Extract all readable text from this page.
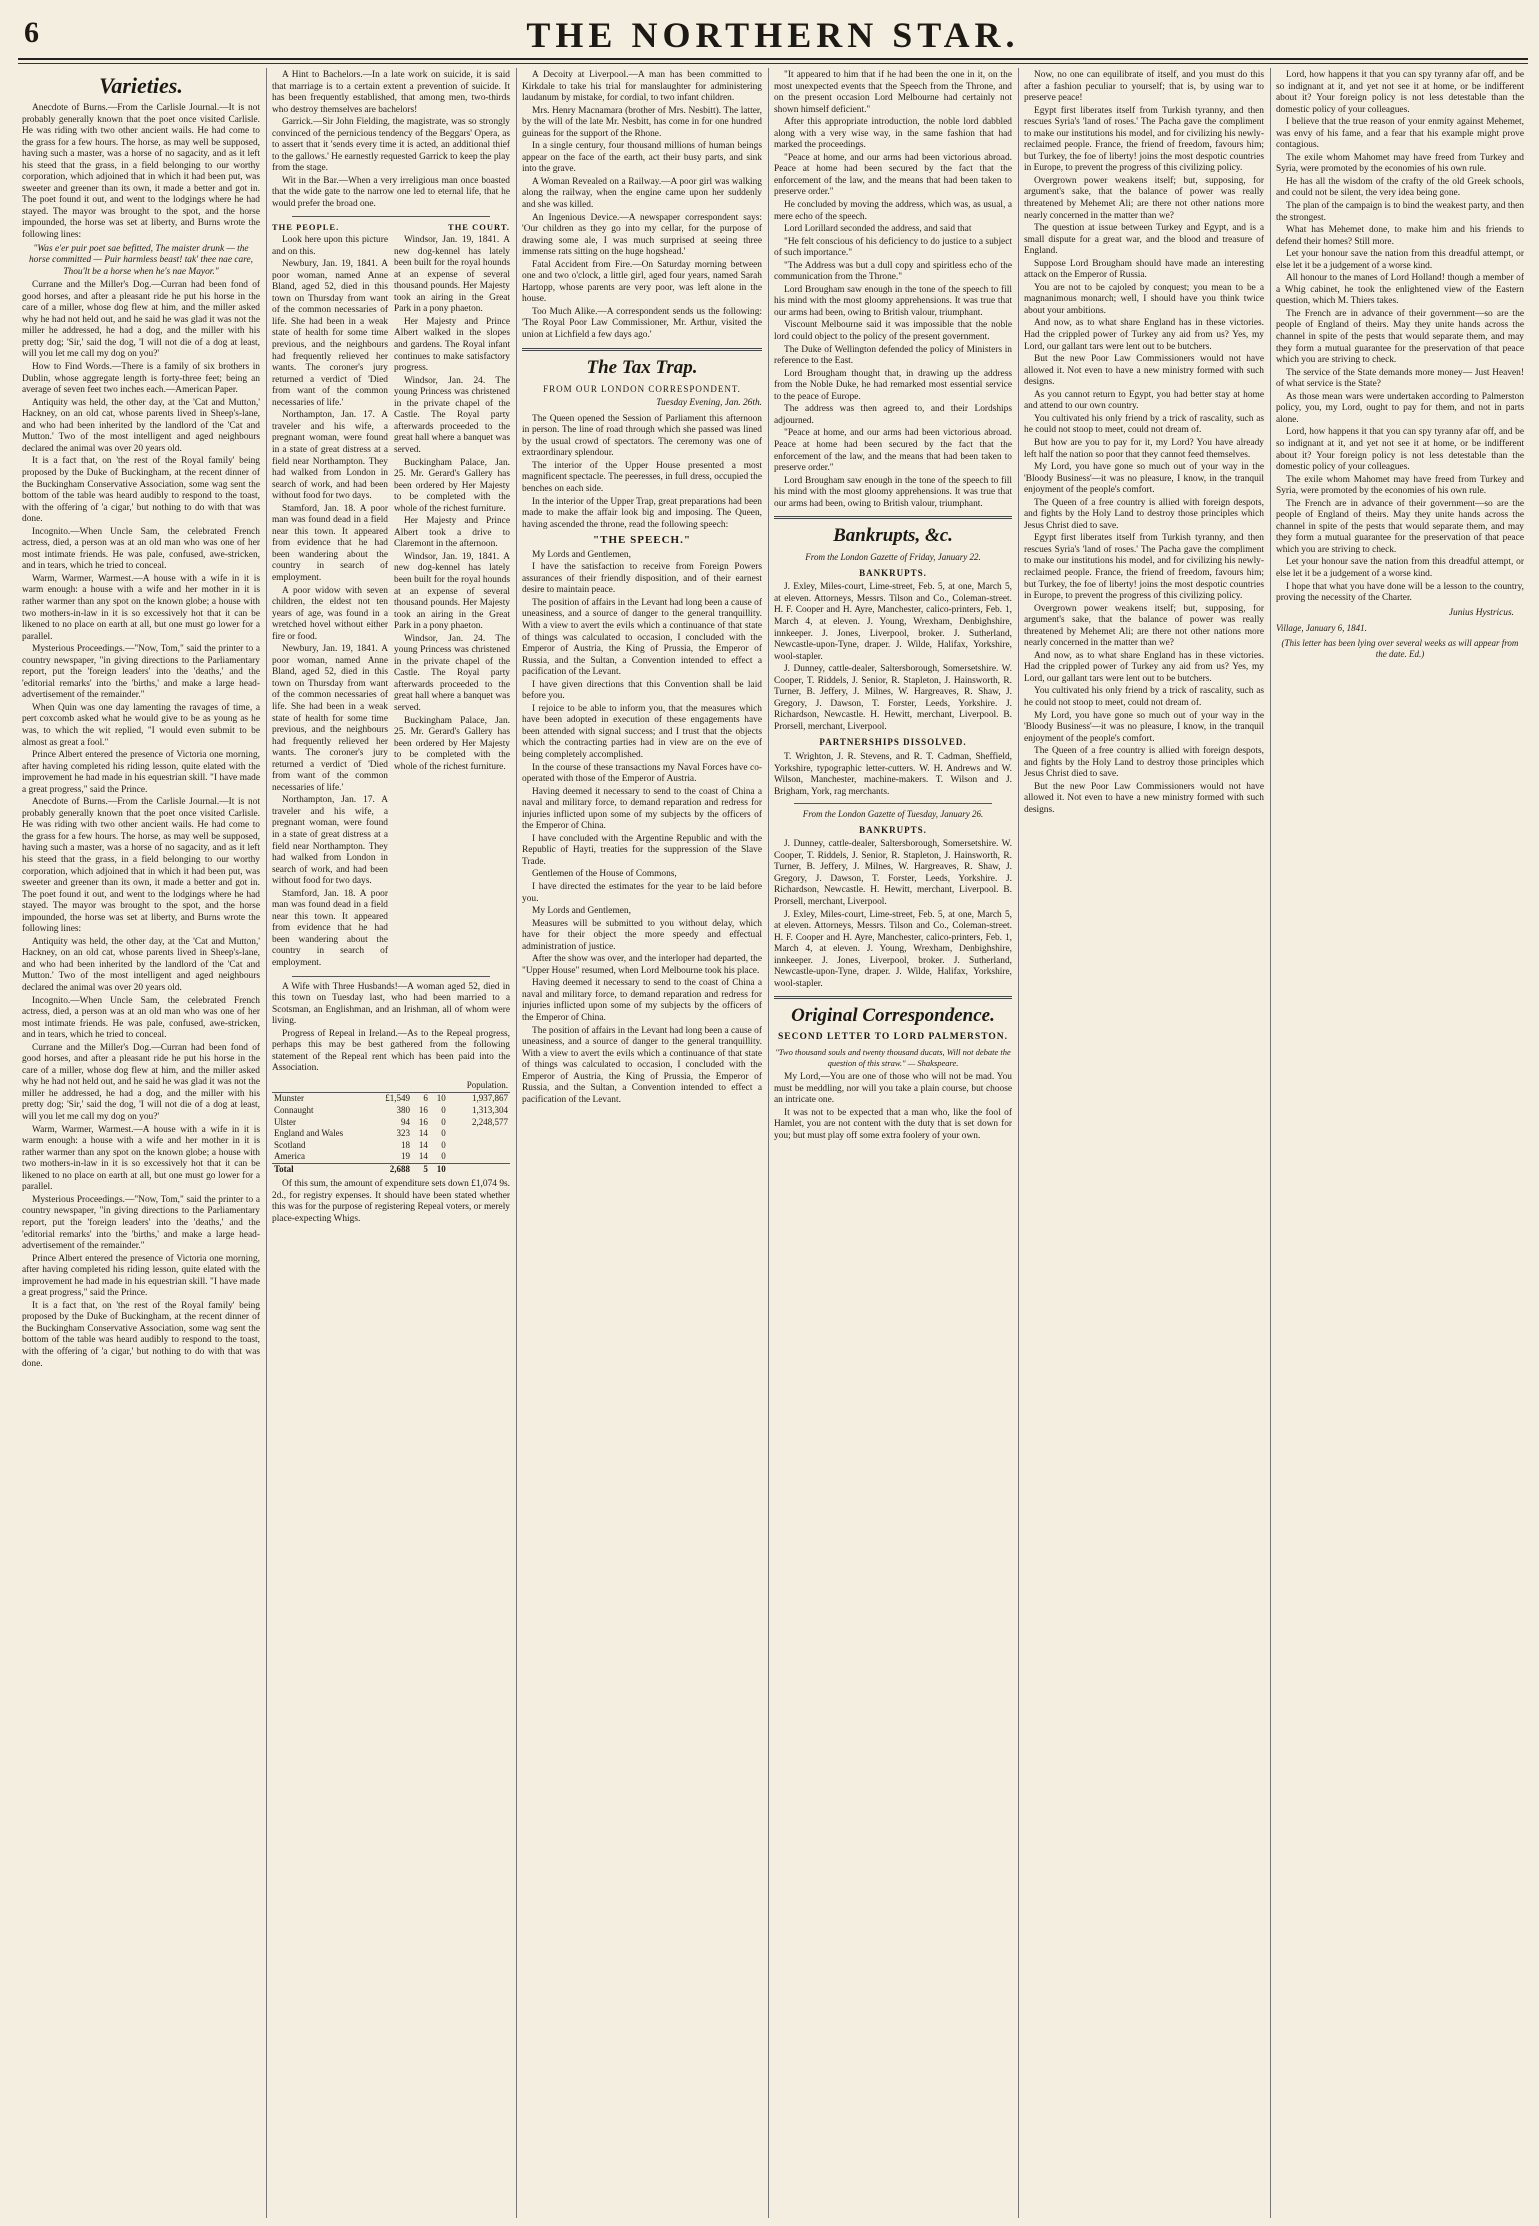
6	THE NORTHERN STAR.
Varieties.

Anecdote of Burns.—From the Carlisle Journal.—It is not probably generally known that the poet once visited Carlisle. He was riding with two other ancient wails. He had come to the grass for a few hours. The horse, as may well be supposed, having such a master, was a horse of no sagacity, and as it left his steed that the grass, in a field belonging to our worthy corporation, which adjoined that in which it had been put, was sweeter and greener than its own, it made a better and got in. The poet found it out, and went to the lodgings where he had stayed. The mayor was brought to the spot, and the horse impounded, the horse was set at liberty, and Burns wrote the following lines:

"Was e'er puir poet sae befitted, The maister drunk — the horse committed — Puir harmless beast! tak' thee nae care, Thou'lt be a horse when he's nae Mayor."

Currane and the Miller's Dog.—Curran had been fond of good horses, and after a pleasant ride he put his horse in the care of a miller, whose dog flew at him, and the miller asked why he had not held out, and he said he was glad it was not the miller he addressed, he had a dog, and the miller with his pretty dog; 'Sir,' said the dog, 'I will not die of a dog at least, will you let me call my dog on you?'

How to Find Words.—There is a family of six brothers in Dublin, whose aggregate length is forty-three feet; being an average of seven feet two inches each.—American Paper.

Antiquity was held, the other day, at the 'Cat and Mutton,' Hackney, on an old cat, whose parents lived in Sheep's-lane, and who had been inherited by the landlord of the 'Cat and Mutton.' Two of the most intelligent and aged neighbours declared the animal was over 20 years old.

It is a fact that, on 'the rest of the Royal family' being proposed by the Duke of Buckingham, at the recent dinner of the Buckingham Conservative Association, some wag sent the bottom of the table was heard audibly to respond to the toast, with the offering of 'a cigar,' but nothing to do with that was done.

Incognito.—When Uncle Sam, the celebrated French actress, died, a person was at an old man who was one of her most intimate friends. He was pale, confused, awe-stricken, and in tears, which he tried to conceal.

Warm, Warmer, Warmest.—A house with a wife in it is warm enough: a house with a wife and her mother in it is rather warmer than any spot on the known globe; a house with two mothers-in-law in it is so excessively hot that it can be likened to no place on earth at all, but one must go lower for a parallel.

Mysterious Proceedings.—"Now, Tom," said the printer to a country newspaper, "in giving directions to the Parliamentary report, put the 'foreign leaders' into the 'deaths,' and the 'editorial remarks' into the 'births,' and make a large head-advertisement of the remainder."

When Quin was one day lamenting the ravages of time, a pert coxcomb asked what he would give to be as young as he was, to which the wit replied, "I would even submit to be almost as great a fool."

Prince Albert entered the presence of Victoria one morning, after having completed his riding lesson, quite elated with the improvement he had made in his equestrian skill. "I have made a great progress," said the Prince.

Anecdote of Burns.—From the Carlisle Journal.—It is not probably generally known that the poet once visited Carlisle. He was riding with two other ancient wails. He had come to the grass for a few hours. The horse, as may well be supposed, having such a master, was a horse of no sagacity, and as it left his steed that the grass, in a field belonging to our worthy corporation, which adjoined that in which it had been put, was sweeter and greener than its own, it made a better and got in. The poet found it out, and went to the lodgings where he had stayed. The mayor was brought to the spot, and the horse impounded, the horse was set at liberty, and Burns wrote the following lines:

Antiquity was held, the other day, at the 'Cat and Mutton,' Hackney, on an old cat, whose parents lived in Sheep's-lane, and who had been inherited by the landlord of the 'Cat and Mutton.' Two of the most intelligent and aged neighbours declared the animal was over 20 years old.

Incognito.—When Uncle Sam, the celebrated French actress, died, a person was at an old man who was one of her most intimate friends. He was pale, confused, awe-stricken, and in tears, which he tried to conceal.

Currane and the Miller's Dog.—Curran had been fond of good horses, and after a pleasant ride he put his horse in the care of a miller, whose dog flew at him, and the miller asked why he had not held out, and he said he was glad it was not the miller he addressed, he had a dog, and the miller with his pretty dog; 'Sir,' said the dog, 'I will not die of a dog at least, will you let me call my dog on you?'

Warm, Warmer, Warmest.—A house with a wife in it is warm enough: a house with a wife and her mother in it is rather warmer than any spot on the known globe; a house with two mothers-in-law in it is so excessively hot that it can be likened to no place on earth at all, but one must go lower for a parallel.

Mysterious Proceedings.—"Now, Tom," said the printer to a country newspaper, "in giving directions to the Parliamentary report, put the 'foreign leaders' into the 'deaths,' and the 'editorial remarks' into the 'births,' and make a large head-advertisement of the remainder."

Prince Albert entered the presence of Victoria one morning, after having completed his riding lesson, quite elated with the improvement he had made in his equestrian skill. "I have made a great progress," said the Prince.

It is a fact that, on 'the rest of the Royal family' being proposed by the Duke of Buckingham, at the recent dinner of the Buckingham Conservative Association, some wag sent the bottom of the table was heard audibly to respond to the toast, with the offering of 'a cigar,' but nothing to do with that was done.

A Hint to Bachelors.—In a late work on suicide, it is said that marriage is to a certain extent a prevention of suicide. It has been frequently established, that among men, two-thirds who destroy themselves are bachelors!

Garrick.—Sir John Fielding, the magistrate, was so strongly convinced of the pernicious tendency of the Beggars' Opera, as to assert that it 'sends every time it is acted, an additional thief to the gallows.' He earnestly requested Garrick to keep the play from the stage.

Wit in the Bar.—When a very irreligious man once boasted that the wide gate to the narrow one led to eternal life, that he would prefer the broad one.

THE PEOPLE.	THE COURT.

Look here upon this picture and on this.

Newbury, Jan. 19, 1841. A poor woman, named Anne Bland, aged 52, died in this town on Thursday from want of the common necessaries of life. She had been in a weak state of health for some time previous, and the neighbours had frequently relieved her wants. The coroner's jury returned a verdict of 'Died from want of the common necessaries of life.'

Northampton, Jan. 17. A traveler and his wife, a pregnant woman, were found in a state of great distress at a field near Northampton. They had walked from London in search of work, and had been without food for two days.

Stamford, Jan. 18. A poor man was found dead in a field near this town. It appeared from evidence that he had been wandering about the country in search of employment.

A poor widow with seven children, the eldest not ten years of age, was found in a wretched hovel without either fire or food.

Newbury, Jan. 19, 1841. A poor woman, named Anne Bland, aged 52, died in this town on Thursday from want of the common necessaries of life. She had been in a weak state of health for some time previous, and the neighbours had frequently relieved her wants. The coroner's jury returned a verdict of 'Died from want of the common necessaries of life.'

Northampton, Jan. 17. A traveler and his wife, a pregnant woman, were found in a state of great distress at a field near Northampton. They had walked from London in search of work, and had been without food for two days.

Stamford, Jan. 18. A poor man was found dead in a field near this town. It appeared from evidence that he had been wandering about the country in search of employment.

Windsor, Jan. 19, 1841. A new dog-kennel has lately been built for the royal hounds at an expense of several thousand pounds. Her Majesty took an airing in the Great Park in a pony phaeton.

Her Majesty and Prince Albert walked in the slopes and gardens. The Royal infant continues to make satisfactory progress.

Windsor, Jan. 24. The young Princess was christened in the private chapel of the Castle. The Royal party afterwards proceeded to the great hall where a banquet was served.

Buckingham Palace, Jan. 25. Mr. Gerard's Gallery has been ordered by Her Majesty to be completed with the whole of the richest furniture.

Her Majesty and Prince Albert took a drive to Claremont in the afternoon.

Windsor, Jan. 19, 1841. A new dog-kennel has lately been built for the royal hounds at an expense of several thousand pounds. Her Majesty took an airing in the Great Park in a pony phaeton.

Windsor, Jan. 24. The young Princess was christened in the private chapel of the Castle. The Royal party afterwards proceeded to the great hall where a banquet was served.

Buckingham Palace, Jan. 25. Mr. Gerard's Gallery has been ordered by Her Majesty to be completed with the whole of the richest furniture.

A Wife with Three Husbands!—A woman aged 52, died in this town on Tuesday last, who had been married to a Scotsman, an Englishman, and an Irishman, all of whom were living.

Progress of Repeal in Ireland.—As to the Repeal progress, perhaps this may be best gathered from the following statement of the Repeal rent which has been paid into the Association.

				Population.
Munster	£1,549	6	10	1,937,867
Connaught	380	16	0	1,313,304
Ulster	94	16	0	2,248,577
England and Wales	323	14	0	
Scotland	18	14	0	
America	19	14	0	
Total	2,688	5	10	

Of this sum, the amount of expenditure sets down £1,074 9s. 2d., for registry expenses. It should have been stated whether this was for the purpose of registering Repeal voters, or merely place-expecting Whigs.

A Decoity at Liverpool.—A man has been committed to Kirkdale to take his trial for manslaughter for administering laudanum by mistake, for cordial, to two infant children.

Mrs. Henry Macnamara (brother of Mrs. Nesbitt). The latter, by the will of the late Mr. Nesbitt, has come in for one hundred guineas for the support of the Rhone.

In a single century, four thousand millions of human beings appear on the face of the earth, act their busy parts, and sink into the grave.

A Woman Revealed on a Railway.—A poor girl was walking along the railway, when the engine came upon her suddenly and she was killed.

An Ingenious Device.—A newspaper correspondent says: 'Our children as they go into my cellar, for the purpose of drawing some ale, I was much surprised at seeing three immense rats sitting on the huge hogshead.'

Fatal Accident from Fire.—On Saturday morning between one and two o'clock, a little girl, aged four years, named Sarah Hartopp, whose parents are very poor, was left alone in the house.

Too Much Alike.—A correspondent sends us the following: 'The Royal Poor Law Commissioner, Mr. Arthur, visited the union at Lichfield a few days ago.'

The Tax Trap.
FROM OUR LONDON CORRESPONDENT.
Tuesday Evening, Jan. 26th.

The Queen opened the Session of Parliament this afternoon in person. The line of road through which she passed was lined by the usual crowd of spectators. The ceremony was one of extraordinary splendour.

The interior of the Upper House presented a most magnificent spectacle. The peeresses, in full dress, occupied the benches on each side.

In the interior of the Upper Trap, great preparations had been made to make the affair look big and imposing. The Queen, having ascended the throne, read the following speech:

"THE SPEECH."

My Lords and Gentlemen,

I have the satisfaction to receive from Foreign Powers assurances of their friendly disposition, and of their earnest desire to maintain peace.

The position of affairs in the Levant had long been a cause of uneasiness, and a source of danger to the general tranquillity. With a view to avert the evils which a continuance of that state of things was calculated to occasion, I concluded with the Emperor of Austria, the King of Prussia, the Emperor of Russia, and the Sultan, a Convention intended to effect a pacification of the Levant.

I have given directions that this Convention shall be laid before you.

I rejoice to be able to inform you, that the measures which have been adopted in execution of these engagements have been attended with signal success; and I trust that the objects which the contracting parties had in view are on the eve of being completely accomplished.

In the course of these transactions my Naval Forces have co-operated with those of the Emperor of Austria.

Having deemed it necessary to send to the coast of China a naval and military force, to demand reparation and redress for injuries inflicted upon some of my subjects by the officers of the Emperor of China.

I have concluded with the Argentine Republic and with the Republic of Hayti, treaties for the suppression of the Slave Trade.

Gentlemen of the House of Commons,

I have directed the estimates for the year to be laid before you.

My Lords and Gentlemen,

Measures will be submitted to you without delay, which have for their object the more speedy and effectual administration of justice.

After the show was over, and the interloper had departed, the "Upper House" resumed, when Lord Melbourne took his place.

Having deemed it necessary to send to the coast of China a naval and military force, to demand reparation and redress for injuries inflicted upon some of my subjects by the officers of the Emperor of China.

The position of affairs in the Levant had long been a cause of uneasiness, and a source of danger to the general tranquillity. With a view to avert the evils which a continuance of that state of things was calculated to occasion, I concluded with the Emperor of Austria, the King of Prussia, the Emperor of Russia, and the Sultan, a Convention intended to effect a pacification of the Levant.

"It appeared to him that if he had been the one in it, on the most unexpected events that the Speech from the Throne, and on the present occasion Lord Melbourne had certainly not shown himself deficient."

After this appropriate introduction, the noble lord dabbled along with a very wise way, in the same fashion that had marked the proceedings.

"Peace at home, and our arms had been victorious abroad. Peace at home had been secured by the fact that the enforcement of the law, and the means that had been taken to preserve order."

He concluded by moving the address, which was, as usual, a mere echo of the speech.

Lord Lorillard seconded the address, and said that

"He felt conscious of his deficiency to do justice to a subject of such importance."

"The Address was but a dull copy and spiritless echo of the communication from the Throne."

Lord Brougham saw enough in the tone of the speech to fill his mind with the most gloomy apprehensions. It was true that our arms had been, owing to British valour, triumphant.

Viscount Melbourne said it was impossible that the noble lord could object to the policy of the present government.

The Duke of Wellington defended the policy of Ministers in reference to the East.

Lord Brougham thought that, in drawing up the address from the Noble Duke, he had remarked most essential service to the peace of Europe.

The address was then agreed to, and their Lordships adjourned.

"Peace at home, and our arms had been victorious abroad. Peace at home had been secured by the fact that the enforcement of the law, and the means that had been taken to preserve order."

Lord Brougham saw enough in the tone of the speech to fill his mind with the most gloomy apprehensions. It was true that our arms had been, owing to British valour, triumphant.

Bankrupts, &c.
From the London Gazette of Friday, January 22.
BANKRUPTS.

J. Exley, Miles-court, Lime-street, Feb. 5, at one, March 5, at eleven. Attorneys, Messrs. Tilson and Co., Coleman-street. H. F. Cooper and H. Ayre, Manchester, calico-printers, Feb. 1, March 4, at eleven. J. Young, Wrexham, Denbighshire, innkeeper. J. Jones, Liverpool, broker. J. Sutherland, Newcastle-upon-Tyne, draper. J. Wilde, Halifax, Yorkshire, wool-stapler.

J. Dunney, cattle-dealer, Saltersborough, Somersetshire. W. Cooper, T. Riddels, J. Senior, R. Stapleton, J. Hainsworth, R. Turner, B. Jeffery, J. Milnes, W. Hargreaves, R. Shaw, J. Gregory, J. Dawson, T. Forster, Leeds, Yorkshire. J. Richardson, Newcastle. H. Hewitt, merchant, Liverpool. B. Prorsell, merchant, Liverpool.

PARTNERSHIPS DISSOLVED.

T. Wrighton, J. R. Stevens, and R. T. Cadman, Sheffield, Yorkshire, typographic letter-cutters. W. H. Andrews and W. Wilson, Manchester, machine-makers. T. Wilson and J. Brigham, York, rag merchants.

From the London Gazette of Tuesday, January 26.
BANKRUPTS.

J. Dunney, cattle-dealer, Saltersborough, Somersetshire. W. Cooper, T. Riddels, J. Senior, R. Stapleton, J. Hainsworth, R. Turner, B. Jeffery, J. Milnes, W. Hargreaves, R. Shaw, J. Gregory, J. Dawson, T. Forster, Leeds, Yorkshire. J. Richardson, Newcastle. H. Hewitt, merchant, Liverpool. B. Prorsell, merchant, Liverpool.

J. Exley, Miles-court, Lime-street, Feb. 5, at one, March 5, at eleven. Attorneys, Messrs. Tilson and Co., Coleman-street. H. F. Cooper and H. Ayre, Manchester, calico-printers, Feb. 1, March 4, at eleven. J. Young, Wrexham, Denbighshire, innkeeper. J. Jones, Liverpool, broker. J. Sutherland, Newcastle-upon-Tyne, draper. J. Wilde, Halifax, Yorkshire, wool-stapler.

Original Correspondence.
SECOND LETTER TO LORD PALMERSTON.
"Two thousand souls and twenty thousand ducats, Will not debate the question of this straw." — Shakspeare.

My Lord,—You are one of those who will not be mad. You must be meddling, nor will you take a plain course, but choose an intricate one.

It was not to be expected that a man who, like the fool of Hamlet, you are not content with the duty that is set down for you; but must play off some extra foolery of your own.

Now, no one can equilibrate of itself, and you must do this after a fashion peculiar to yourself; that is, by using war to preserve peace!

Egypt first liberates itself from Turkish tyranny, and then rescues Syria's 'land of roses.' The Pacha gave the compliment to make our institutions his model, and for civilizing his newly-reclaimed people. France, the friend of freedom, favours him; but Turkey, the foe of liberty! joins the most despotic countries in Europe, to prevent the progress of this civilizing policy.

Overgrown power weakens itself; but, supposing, for argument's sake, that the balance of power was really threatened by Mehemet Ali; are there not other nations more nearly concerned in the matter than we?

The question at issue between Turkey and Egypt, and is a small dispute for a great war, and the blood and treasure of England.

Suppose Lord Brougham should have made an interesting attack on the Emperor of Russia.

You are not to be cajoled by conquest; you mean to be a magnanimous monarch; well, I should have you think twice about your ambitions.

And now, as to what share England has in these victories. Had the crippled power of Turkey any aid from us? Yes, my Lord, our gallant tars were lent out to be butchers.

But the new Poor Law Commissioners would not have allowed it. Not even to have a new ministry formed with such designs.

As you cannot return to Egypt, you had better stay at home and attend to our own country.

You cultivated his only friend by a trick of rascality, such as he could not stoop to meet, could not dream of.

But how are you to pay for it, my Lord? You have already left half the nation so poor that they cannot feed themselves.

My Lord, you have gone so much out of your way in the 'Bloody Business'—it was no pleasure, I know, in the tranquil enjoyment of the people's comfort.

The Queen of a free country is allied with foreign despots, and fights by the Holy Land to destroy those principles which Jesus Christ died to save.

Egypt first liberates itself from Turkish tyranny, and then rescues Syria's 'land of roses.' The Pacha gave the compliment to make our institutions his model, and for civilizing his newly-reclaimed people. France, the friend of freedom, favours him; but Turkey, the foe of liberty! joins the most despotic countries in Europe, to prevent the progress of this civilizing policy.

Overgrown power weakens itself; but, supposing, for argument's sake, that the balance of power was really threatened by Mehemet Ali; are there not other nations more nearly concerned in the matter than we?

And now, as to what share England has in these victories. Had the crippled power of Turkey any aid from us? Yes, my Lord, our gallant tars were lent out to be butchers.

You cultivated his only friend by a trick of rascality, such as he could not stoop to meet, could not dream of.

My Lord, you have gone so much out of your way in the 'Bloody Business'—it was no pleasure, I know, in the tranquil enjoyment of the people's comfort.

The Queen of a free country is allied with foreign despots, and fights by the Holy Land to destroy those principles which Jesus Christ died to save.

But the new Poor Law Commissioners would not have allowed it. Not even to have a new ministry formed with such designs.

Lord, how happens it that you can spy tyranny afar off, and be so indignant at it, and yet not see it at home, or be indifferent about it? Your foreign policy is not less detestable than the domestic policy of your colleagues.

I believe that the true reason of your enmity against Mehemet, was envy of his fame, and a fear that his example might prove contagious.

The exile whom Mahomet may have freed from Turkey and Syria, were promoted by the economies of his own rule.

He has all the wisdom of the crafty of the old Greek schools, and could not be silent, the very idea being gone.

The plan of the campaign is to bind the weakest party, and then the strongest.

What has Mehemet done, to make him and his friends to defend their homes? Still more.

Let your honour save the nation from this dreadful attempt, or else let it be a judgement of a worse kind.

All honour to the manes of Lord Holland! though a member of a Whig cabinet, he took the enlightened view of the Eastern question, which M. Thiers takes.

The French are in advance of their government—so are the people of England of theirs. May they unite hands across the channel in spite of the pests that would separate them, and may they form a mutual guarantee for the preservation of that peace which you are striving to check.

The service of the State demands more money— Just Heaven! of what service is the State?

As those mean wars were undertaken according to Palmerston policy, you, my Lord, ought to pay for them, and not in parts alone.

Lord, how happens it that you can spy tyranny afar off, and be so indignant at it, and yet not see it at home, or be indifferent about it? Your foreign policy is not less detestable than the domestic policy of your colleagues.

The exile whom Mahomet may have freed from Turkey and Syria, were promoted by the economies of his own rule.

The French are in advance of their government—so are the people of England of theirs. May they unite hands across the channel in spite of the pests that would separate them, and may they form a mutual guarantee for the preservation of that peace which you are striving to check.

Let your honour save the nation from this dreadful attempt, or else let it be a judgement of a worse kind.

I hope that what you have done will be a lesson to the country, proving the necessity of the Charter.

Junius Hystricus.
Village, January 6, 1841.
(This letter has been lying over several weeks as will appear from the date. Ed.)
